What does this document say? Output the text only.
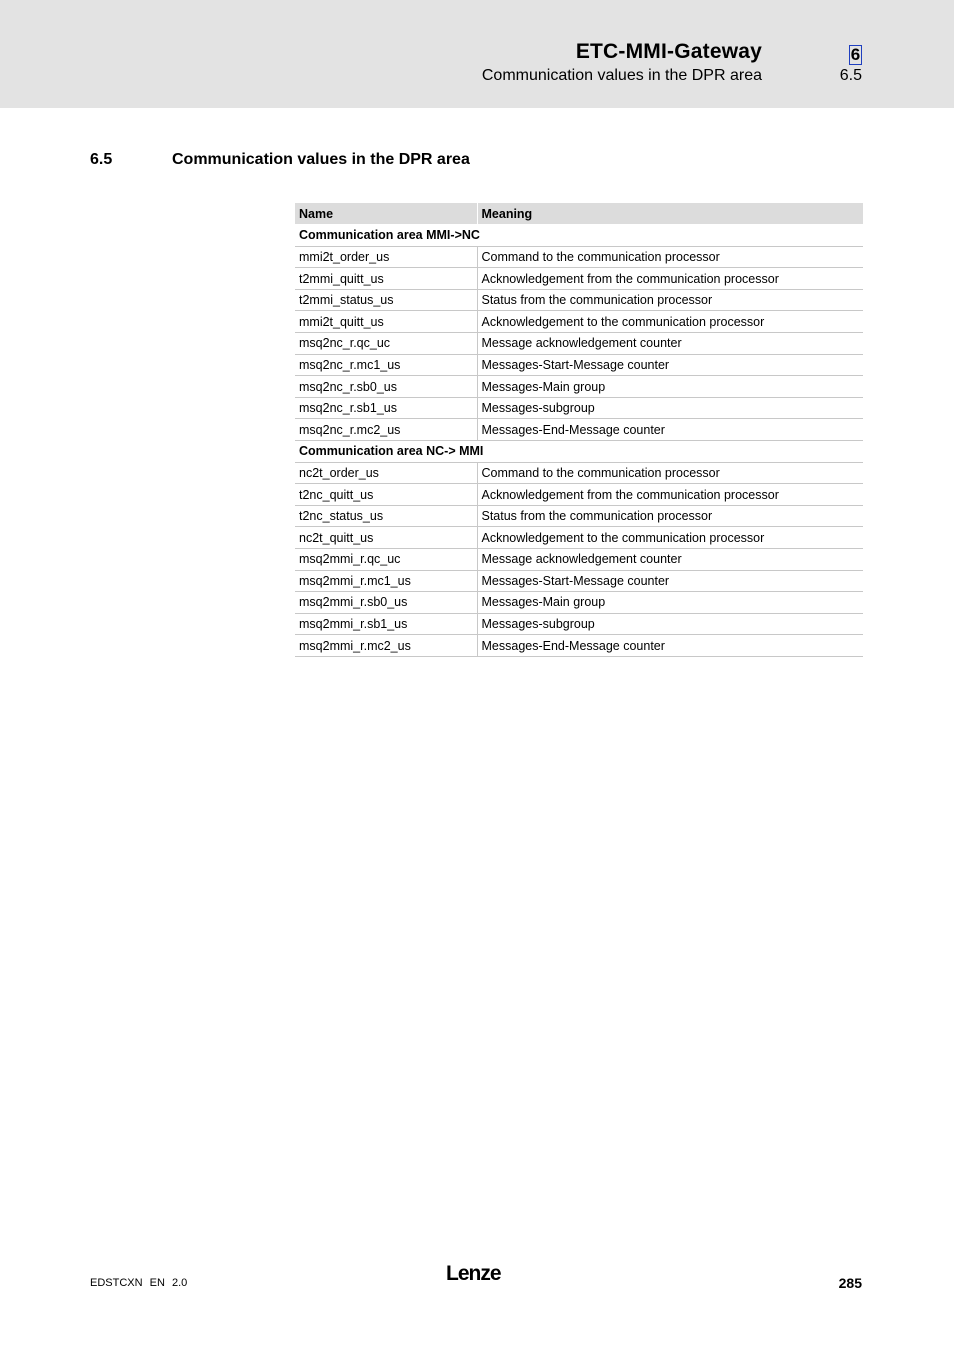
ETC-MMI-Gateway
Communication values in the DPR area
6
6.5
6.5	Communication values in the DPR area
Name	Meaning
Communication area MMI->NC	
mmi2t_order_us	Command to the communication processor
t2mmi_quitt_us	Acknowledgement from the communication processor
t2mmi_status_us	Status from the communication processor
mmi2t_quitt_us	Acknowledgement to the communication processor
msq2nc_r.qc_uc	Message acknowledgement counter
msq2nc_r.mc1_us	Messages-Start-Message counter
msq2nc_r.sb0_us	Messages-Main group
msq2nc_r.sb1_us	Messages-subgroup
msq2nc_r.mc2_us	Messages-End-Message counter
Communication area NC-> MMI	
nc2t_order_us	Command to the communication processor
t2nc_quitt_us	Acknowledgement from the communication processor
t2nc_status_us	Status from the communication processor
nc2t_quitt_us	Acknowledgement to the communication processor
msq2mmi_r.qc_uc	Message acknowledgement counter
msq2mmi_r.mc1_us	Messages-Start-Message counter
msq2mmi_r.sb0_us	Messages-Main group
msq2mmi_r.sb1_us	Messages-subgroup
msq2mmi_r.mc2_us	Messages-End-Message counter
EDSTCXN EN 2.0	Lenze	285
